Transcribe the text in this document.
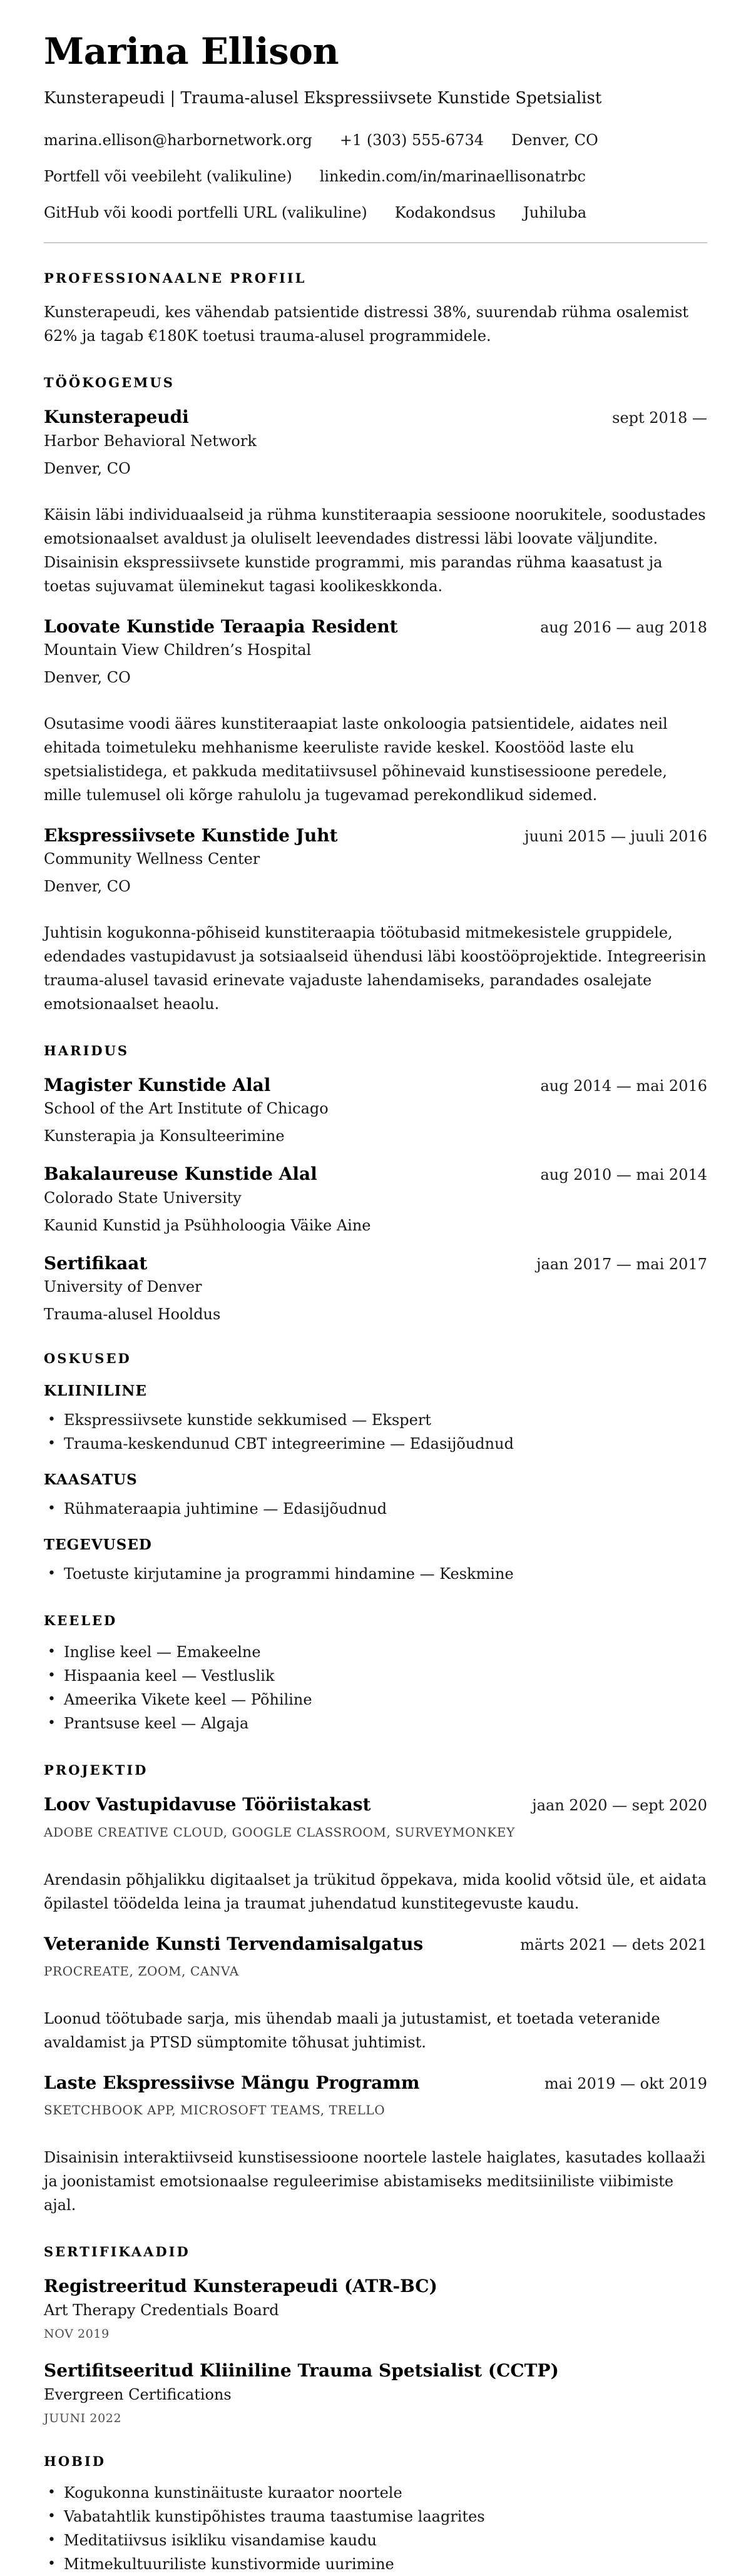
Marina Ellison

Kunsterapeudi | Trauma-alusel Ekspressiivsete Kunstide Spetsialist

marina.ellison@harbornetwork.org +1 (303) 555-6734 Denver, CO
Portfell või veebileht (valikuline) linkedin.com/in/marinaellisonatrbc
GitHub või koodi portfelli URL (valikuline) Kodakondsus Juhiluba
PROFESSIONAALNE PROFIIL

Kunsterapeudi, kes vähendab patsientide distressi 38%, suurendab rühma osalemist 62% ja tagab €180K toetusi trauma-alusel programmidele.

TÖÖKOGEMUS
Kunsterapeudi	sept 2018 —

Harbor Behavioral Network

Denver, CO

Käisin läbi individuaalseid ja rühma kunstiteraapia sessioone noorukitele, soodustades emotsionaalset avaldust ja oluliselt leevendades distressi läbi loovate väljundite. Disainisin ekspressiivsete kunstide programmi, mis parandas rühma kaasatust ja toetas sujuvamat üleminekut tagasi koolikeskkonda.

Loovate Kunstide Teraapia Resident	aug 2016 — aug 2018

Mountain View Children’s Hospital

Denver, CO

Osutasime voodi ääres kunstiteraapiat laste onkoloogia patsientidele, aidates neil ehitada toimetuleku mehhanisme keeruliste ravide keskel. Koostööd laste elu spetsialistidega, et pakkuda meditatiivsusel põhinevaid kunstisessioone peredele, mille tulemusel oli kõrge rahulolu ja tugevamad perekondlikud sidemed.

Ekspressiivsete Kunstide Juht	juuni 2015 — juuli 2016

Community Wellness Center

Denver, CO

Juhtisin kogukonna-põhiseid kunstiteraapia töötubasid mitmekesistele gruppidele, edendades vastupidavust ja sotsiaalseid ühendusi läbi koostööprojektide. Integreerisin trauma-alusel tavasid erinevate vajaduste lahendamiseks, parandades osalejate emotsionaalset heaolu.

HARIDUS
Magister Kunstide Alal	aug 2014 — mai 2016

School of the Art Institute of Chicago

Kunsterapia ja Konsulteerimine

Bakalaureuse Kunstide Alal	aug 2010 — mai 2014

Colorado State University

Kaunid Kunstid ja Psühholoogia Väike Aine

Sertifikaat	jaan 2017 — mai 2017

University of Denver

Trauma-alusel Hooldus

OSKUSED
KLIINILINE
• Ekspressiivsete kunstide sekkumised — Ekspert
• Trauma-keskendunud CBT integreerimine — Edasijõudnud
KAASATUS
• Rühmateraapia juhtimine — Edasijõudnud
TEGEVUSED
• Toetuste kirjutamine ja programmi hindamine — Keskmine
KEELED
• Inglise keel — Emakeelne
• Hispaania keel — Vestluslik
• Ameerika Vikete keel — Põhiline
• Prantsuse keel — Algaja
PROJEKTID
Loov Vastupidavuse Tööriistakast	jaan 2020 — sept 2020

ADOBE CREATIVE CLOUD, GOOGLE CLASSROOM, SURVEYMONKEY

Arendasin põhjalikku digitaalset ja trükitud õppekava, mida koolid võtsid üle, et aidata õpilastel töödelda leina ja traumat juhendatud kunstitegevuste kaudu.

Veteranide Kunsti Tervendamisalgatus	märts 2021 — dets 2021

PROCREATE, ZOOM, CANVA

Loonud töötubade sarja, mis ühendab maali ja jutustamist, et toetada veteranide avaldamist ja PTSD sümptomite tõhusat juhtimist.

Laste Ekspressiivse Mängu Programm	mai 2019 — okt 2019

SKETCHBOOK APP, MICROSOFT TEAMS, TRELLO

Disainisin interaktiivseid kunstisessioone noortele lastele haiglates, kasutades kollaaži ja joonistamist emotsionaalse reguleerimise abistamiseks meditsiiniliste viibimiste ajal.

SERTIFIKAADID
Registreeritud Kunsterapeudi (ATR-BC)

Art Therapy Credentials Board

NOV 2019

Sertifitseeritud Kliiniline Trauma Spetsialist (CCTP)

Evergreen Certifications

JUUNI 2022

HOBID
• Kogukonna kunstinäituste kuraator noortele
• Vabatahtlik kunstipõhistes trauma taastumise laagrites
• Meditatiivsus isikliku visandamise kaudu
• Mitmekultuuriliste kunstivormide uurimine
